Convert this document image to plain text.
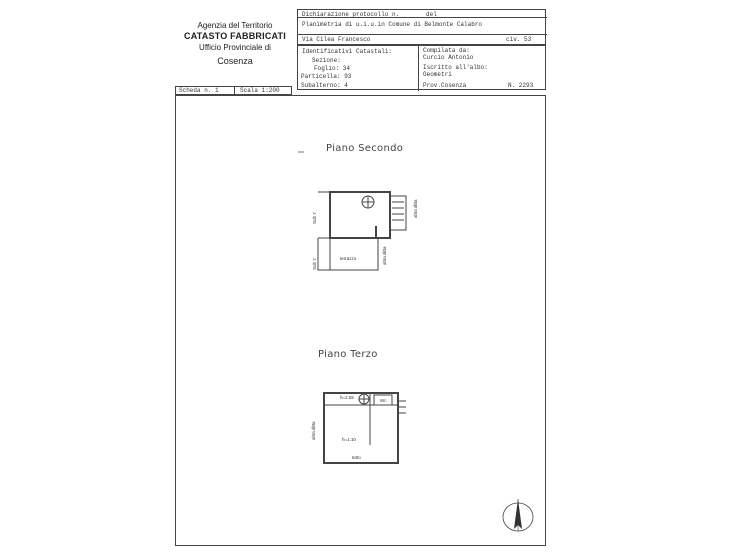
Agenzia del Territorio
CATASTO FABBRICATI
Ufficio Provinciale di
Cosenza
Dichiarazione protocollo n.	del
Planimetria di u.i.u.in Comune di Belmonte Calabro
Via Cilea Francesco	civ. 53
Identificativi Catastali:
Sezione:
Foglio: 34
Particella: 93
Subalterno: 4
Compilata da:
Curcio Antonio
Iscritto all'albo:
Geometri
Prov.Cosenza	N. 2293
Scheda n. 1	Scala 1:200
Piano Secondo
Piano Terzo
terrazzo
Sub 7
Sub 7
altra ditta
altra ditta
h=2.55
Wc
h=1.10
tetto
altra ditta
